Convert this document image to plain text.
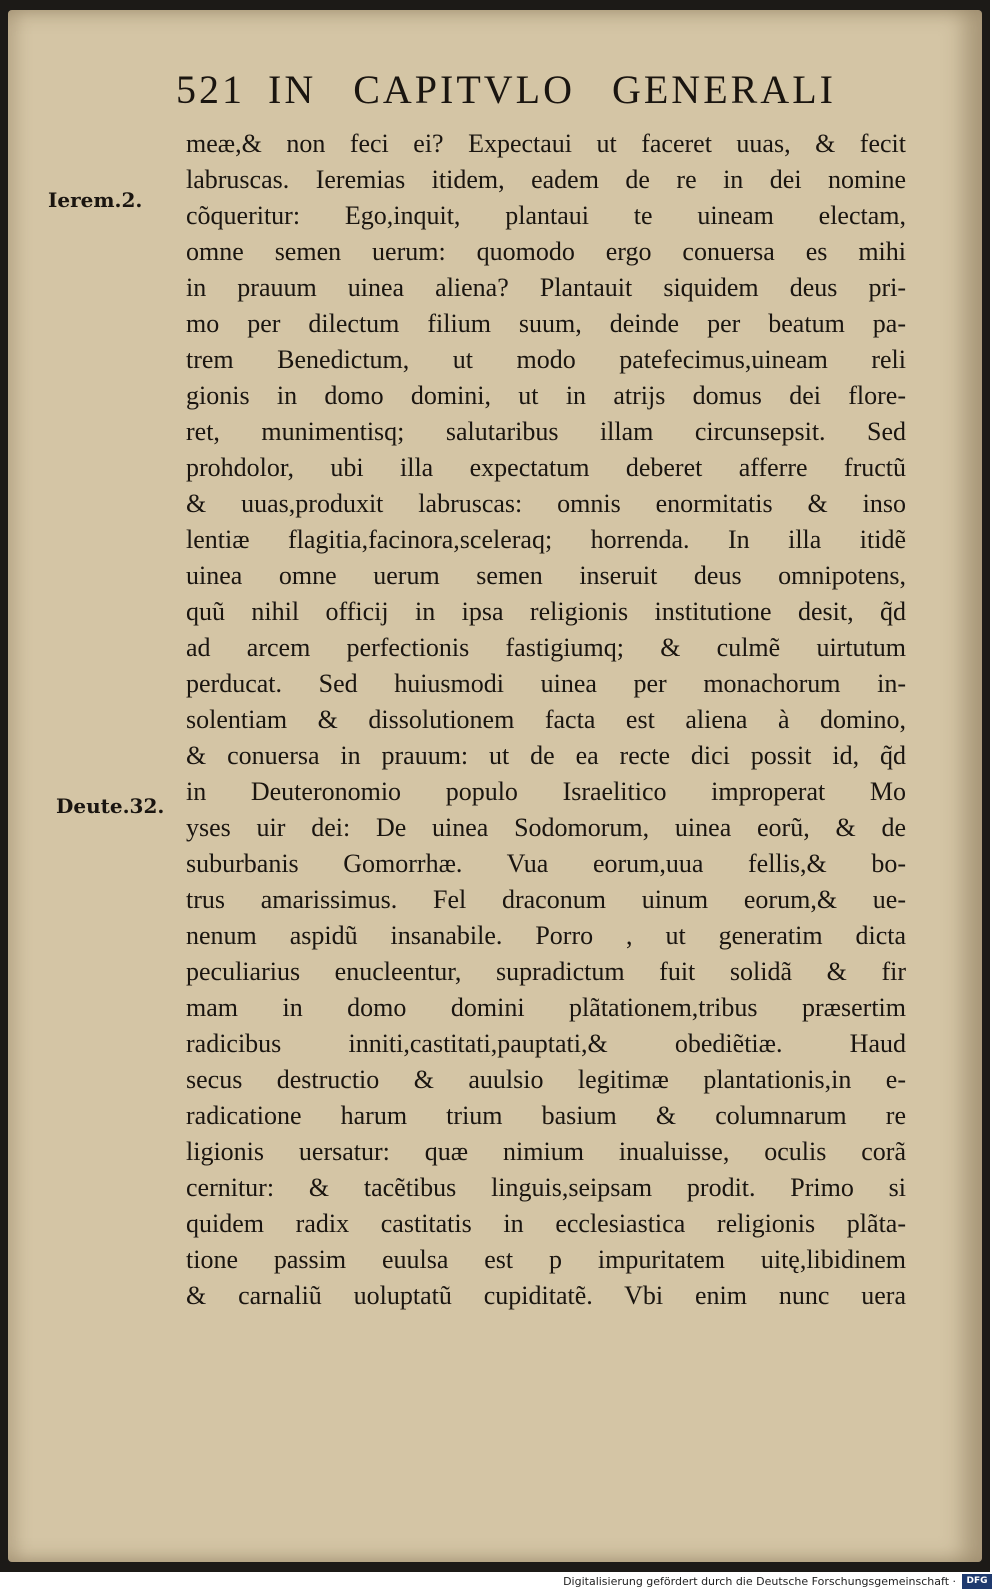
521 IN CAPITVLO GENERALI
Ierem.2.
Deute.32.
meæ,& non feci ei? Expectaui ut faceret uuas, & fecit
labruscas. Ieremias itidem, eadem de re in dei nomine
cõqueritur: Ego,inquit, plantaui te uineam electam,
omne semen uerum: quomodo ergo conuersa es mihi
in prauum uinea aliena? Plantauit siquidem deus pri-
mo per dilectum filium suum, deinde per beatum pa-
trem Benedictum, ut modo patefecimus,uineam reli
gionis in domo domini, ut in atrijs domus dei flore-
ret, munimentisq; salutaribus illam circunsepsit. Sed
prohdolor, ubi illa expectatum deberet afferre fructũ
& uuas,produxit labruscas: omnis enormitatis & inso
lentiæ flagitia,facinora,sceleraq; horrenda. In illa itidẽ
uinea omne uerum semen inseruit deus omnipotens,
quũ nihil officij in ipsa religionis institutione desit, q̃d
ad arcem perfectionis fastigiumq; & culmẽ uirtutum
perducat. Sed huiusmodi uinea per monachorum in-
solentiam & dissolutionem facta est aliena à domino,
& conuersa in prauum: ut de ea recte dici possit id, q̃d
in Deuteronomio populo Israelitico improperat Mo
yses uir dei: De uinea Sodomorum, uinea eorũ, & de
suburbanis Gomorrhæ. Vua eorum,uua fellis,& bo-
trus amarissimus. Fel draconum uinum eorum,& ue-
nenum aspidũ insanabile. Porro , ut generatim dicta
peculiarius enucleentur, supradictum fuit solidã & fir
mam in domo domini plãtationem,tribus præsertim
radicibus inniti,castitati,pauptati,& obediẽtiæ. Haud
secus destructio & auulsio legitimæ plantationis,in e-
radicatione harum trium basium & columnarum re
ligionis uersatur: quæ nimium inualuisse, oculis corã
cernitur: & tacẽtibus linguis,seipsam prodit. Primo si
quidem radix castitatis in ecclesiastica religionis plãta-
tione passim euulsa est p impuritatem uitę,libidinem
& carnaliũ uoluptatũ cupiditatẽ. Vbi enim nunc uera
Digitalisierung gefördert durch die Deutsche Forschungsgemeinschaft ·	DFG
